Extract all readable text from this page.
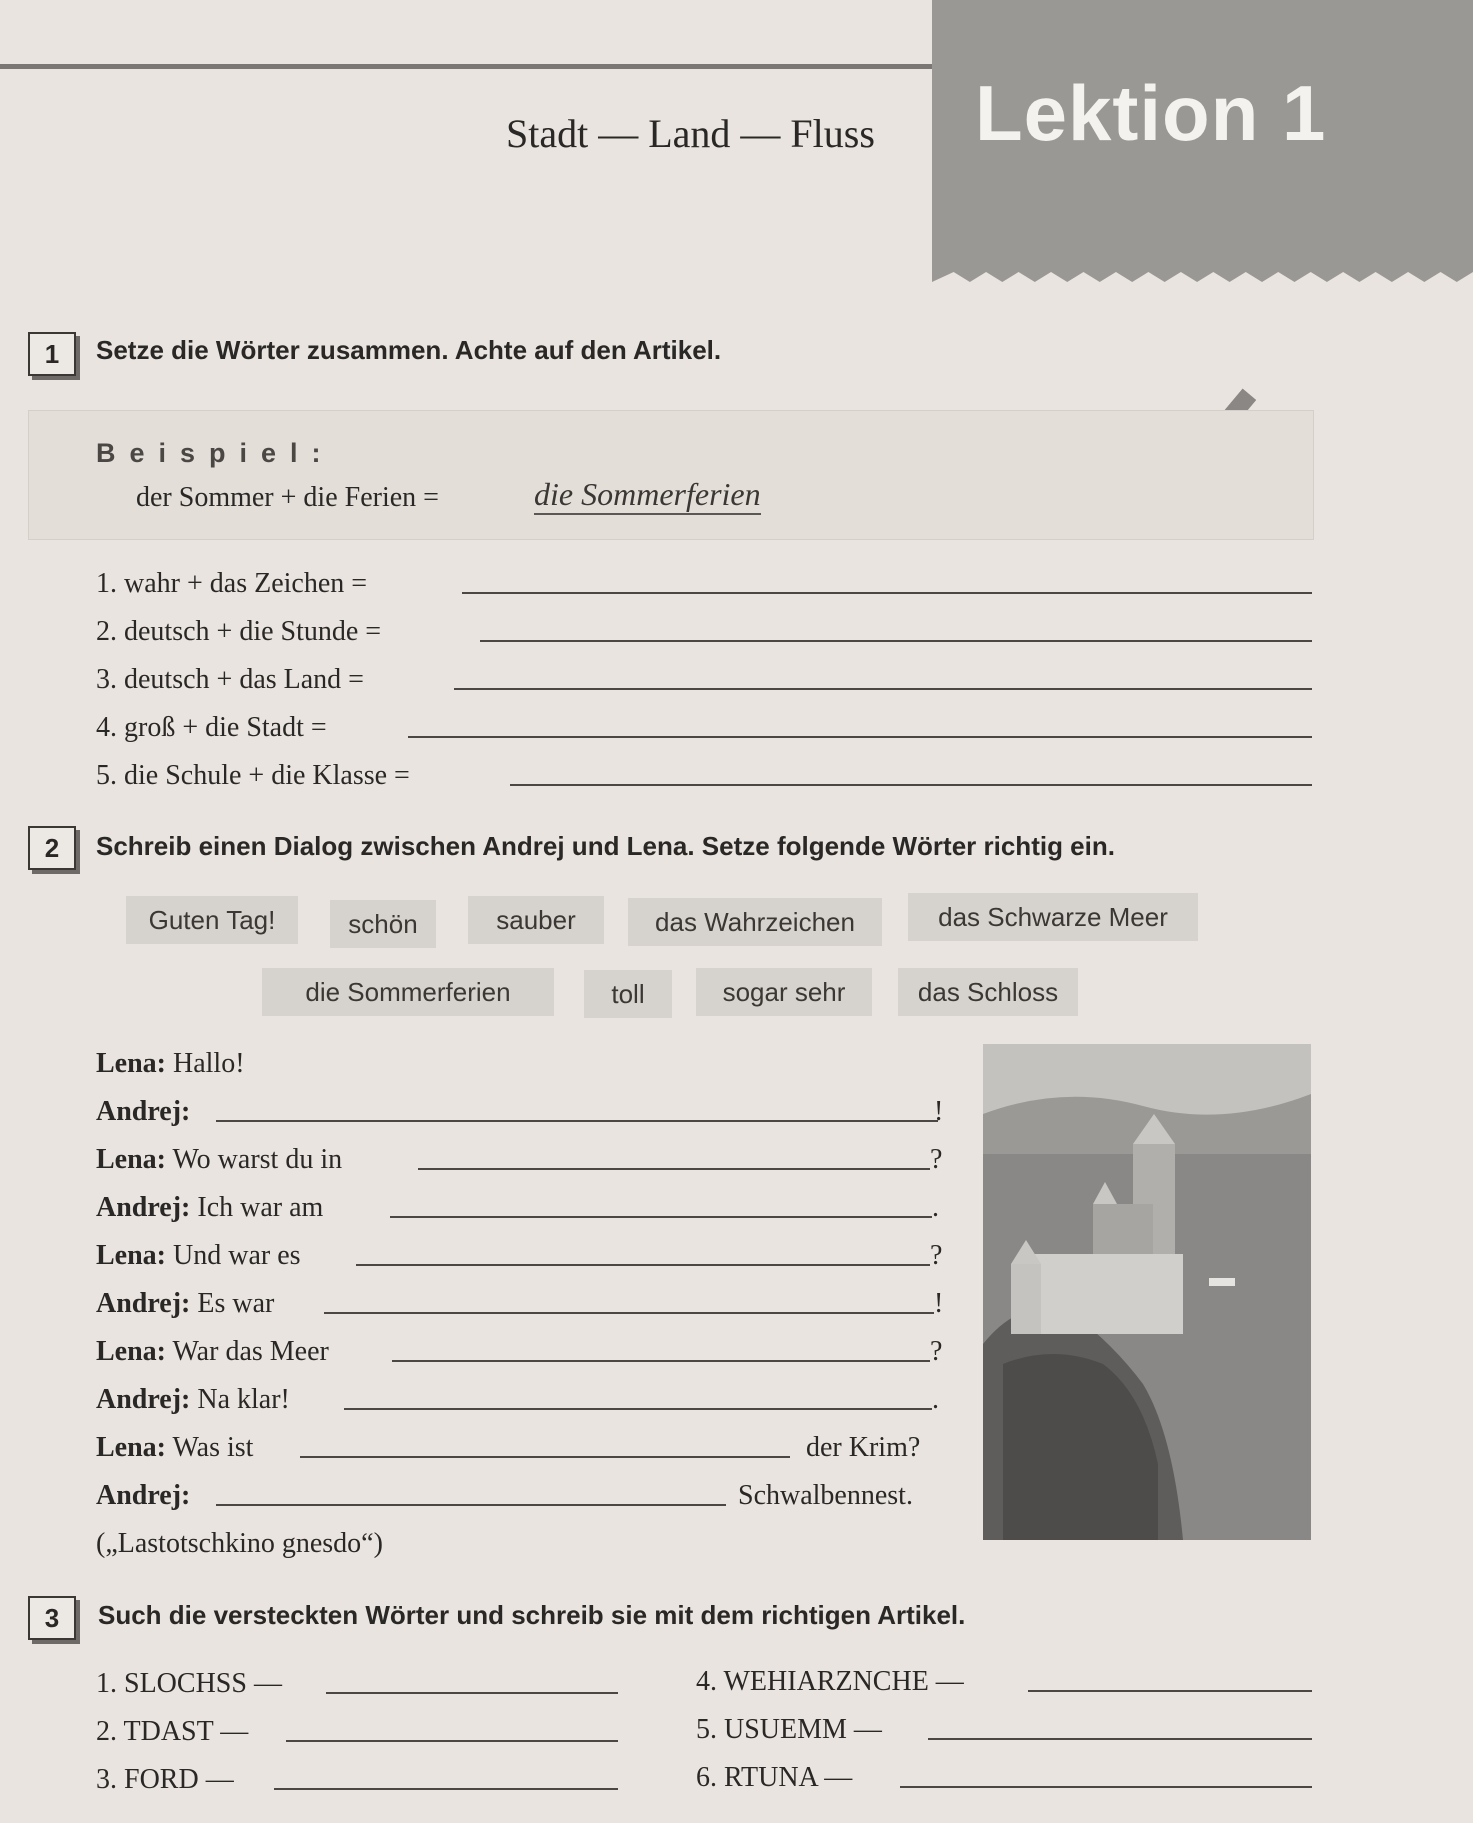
Lektion 1
Stadt — Land — Fluss
1	Setze die Wörter zusammen. Achte auf den Artikel.
Beispiel:
der Sommer + die Ferien =	die Sommerferien
1. wahr + das Zeichen =
2. deutsch + die Stunde =
3. deutsch + das Land =
4. groß + die Stadt =
5. die Schule + die Klasse =
2	Schreib einen Dialog zwischen Andrej und Lena. Setze folgende Wörter richtig ein.
Guten Tag!	schön	sauber	das Wahrzeichen	das Schwarze Meer
die Sommerferien	toll	sogar sehr	das Schloss
Lena: Hallo!
Andrej:	!
Lena: Wo warst du in	?
Andrej: Ich war am	.
Lena: Und war es	?
Andrej: Es war	!
Lena: War das Meer	?
Andrej: Na klar!	.
Lena: Was ist	der Krim?
Andrej:	Schwalbennest.
(„Lastotschkino gnesdo“)
3	Such die versteckten Wörter und schreib sie mit dem richtigen Artikel.
1. SLOCHSS —
2. TDAST —
3. FORD —
4. WEHIARZNCHE —
5. USUEMM —
6. RTUNA —
